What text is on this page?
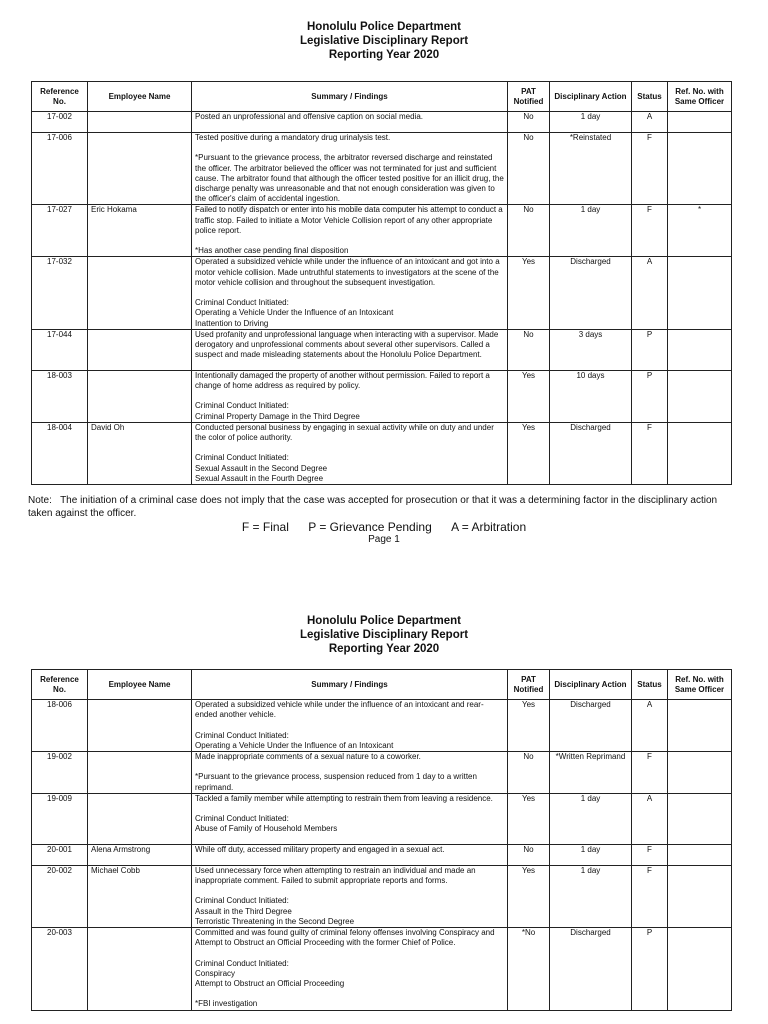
Honolulu Police Department
Legislative Disciplinary Report
Reporting Year 2020
Reference No.	Employee Name	Summary / Findings	PAT Notified	Disciplinary Action	Status	Ref. No. with Same Officer
17-002		Posted an unprofessional and offensive caption on social media.	No	1 day	A	
17-006		Tested positive during a mandatory drug urinalysis test.

*Pursuant to the grievance process, the arbitrator reversed discharge and reinstated the officer. The arbitrator believed the officer was not terminated for just and sufficient cause. The arbitrator found that although the officer tested positive for an illicit drug, the discharge penalty was unreasonable and that not enough consideration was given to the officer's claim of accidental ingestion.	No	*Reinstated	F	
17-027	Eric Hokama	Failed to notify dispatch or enter into his mobile data computer his attempt to conduct a traffic stop. Failed to initiate a Motor Vehicle Collision report of any other appropriate police report.

*Has another case pending final disposition	No	1 day	F	*
17-032		Operated a subsidized vehicle while under the influence of an intoxicant and got into a motor vehicle collision. Made untruthful statements to investigators at the scene of the motor vehicle collision and throughout the subsequent investigation.

Criminal Conduct Initiated:
Operating a Vehicle Under the Influence of an Intoxicant
Inattention to Driving	Yes	Discharged	A	
17-044		Used profanity and unprofessional language when interacting with a supervisor. Made derogatory and unprofessional comments about several other supervisors. Called a suspect and made misleading statements about the Honolulu Police Department.	No	3 days	P	
18-003		Intentionally damaged the property of another without permission. Failed to report a change of home address as required by policy.

Criminal Conduct Initiated:
Criminal Property Damage in the Third Degree	Yes	10 days	P	
18-004	David Oh	Conducted personal business by engaging in sexual activity while on duty and under the color of police authority.

Criminal Conduct Initiated:
Sexual Assault in the Second Degree
Sexual Assault in the Fourth Degree	Yes	Discharged	F	
Note: The initiation of a criminal case does not imply that the case was accepted for prosecution or that it was a determining factor in the disciplinary action taken against the officer.
F = Final P = Grievance Pending A = Arbitration
Page 1
Honolulu Police Department
Legislative Disciplinary Report
Reporting Year 2020
Reference No.	Employee Name	Summary / Findings	PAT Notified	Disciplinary Action	Status	Ref. No. with Same Officer
18-006		Operated a subsidized vehicle while under the influence of an intoxicant and rear-ended another vehicle.

Criminal Conduct Initiated:
Operating a Vehicle Under the Influence of an Intoxicant	Yes	Discharged	A	
19-002		Made inappropriate comments of a sexual nature to a coworker.

*Pursuant to the grievance process, suspension reduced from 1 day to a written reprimand.	No	*Written Reprimand	F	
19-009		Tackled a family member while attempting to restrain them from leaving a residence.

Criminal Conduct Initiated:
Abuse of Family of Household Members	Yes	1 day	A	
20-001	Alena Armstrong	While off duty, accessed military property and engaged in a sexual act.	No	1 day	F	
20-002	Michael Cobb	Used unnecessary force when attempting to restrain an individual and made an inappropriate comment. Failed to submit appropriate reports and forms.

Criminal Conduct Initiated:
Assault in the Third Degree
Terroristic Threatening in the Second Degree	Yes	1 day	F	
20-003		Committed and was found guilty of criminal felony offenses involving Conspiracy and Attempt to Obstruct an Official Proceeding with the former Chief of Police.

Criminal Conduct Initiated:
Conspiracy
Attempt to Obstruct an Official Proceeding

*FBI investigation	*No	Discharged	P	
